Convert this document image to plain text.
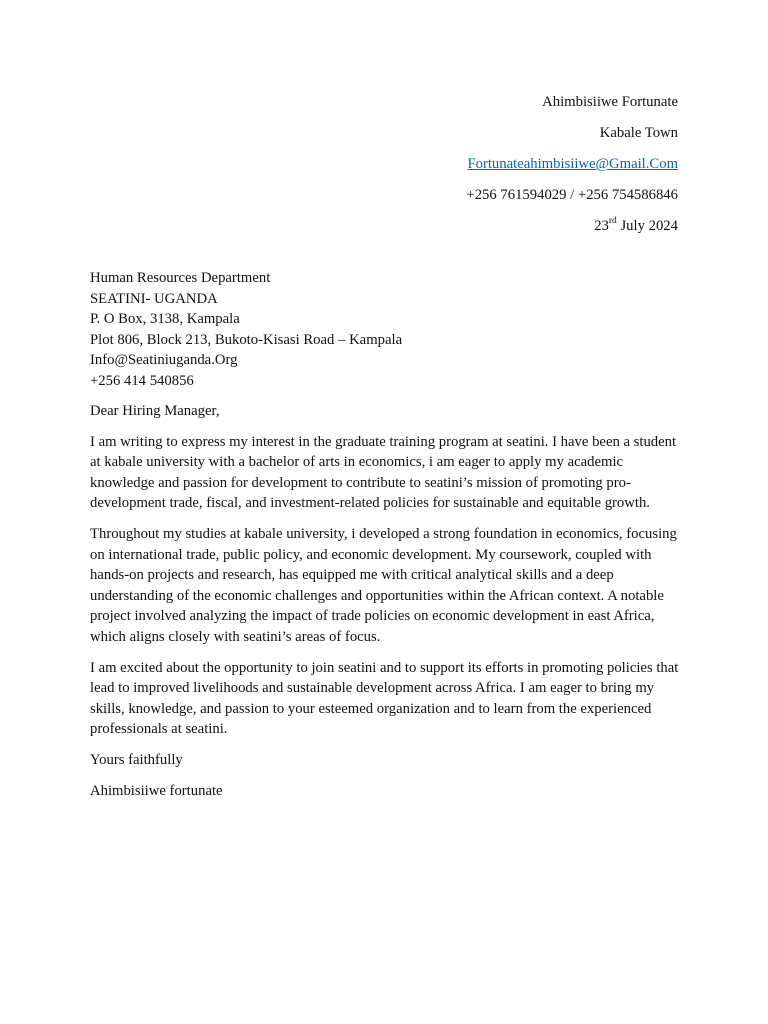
Ahimbisiiwe Fortunate
Kabale Town
Fortunateahimbisiiwe@Gmail.Com
+256 761594029 / +256 754586846
23rd July 2024
Human Resources Department
SEATINI- UGANDA
P. O Box, 3138, Kampala
Plot 806, Block 213, Bukoto-Kisasi Road – Kampala
Info@Seatiniuganda.Org
+256 414 540856

Dear Hiring Manager,

I am writing to express my interest in the graduate training program at seatini. I have been a student at kabale university with a bachelor of arts in economics, i am eager to apply my academic knowledge and passion for development to contribute to seatini’s mission of promoting pro-development trade, fiscal, and investment-related policies for sustainable and equitable growth.

Throughout my studies at kabale university, i developed a strong foundation in economics, focusing on international trade, public policy, and economic development. My coursework, coupled with hands-on projects and research, has equipped me with critical analytical skills and a deep understanding of the economic challenges and opportunities within the African context. A notable project involved analyzing the impact of trade policies on economic development in east Africa, which aligns closely with seatini’s areas of focus.

I am excited about the opportunity to join seatini and to support its efforts in promoting policies that lead to improved livelihoods and sustainable development across Africa. I am eager to bring my skills, knowledge, and passion to your esteemed organization and to learn from the experienced professionals at seatini.

Yours faithfully

Ahimbisiiwe fortunate
